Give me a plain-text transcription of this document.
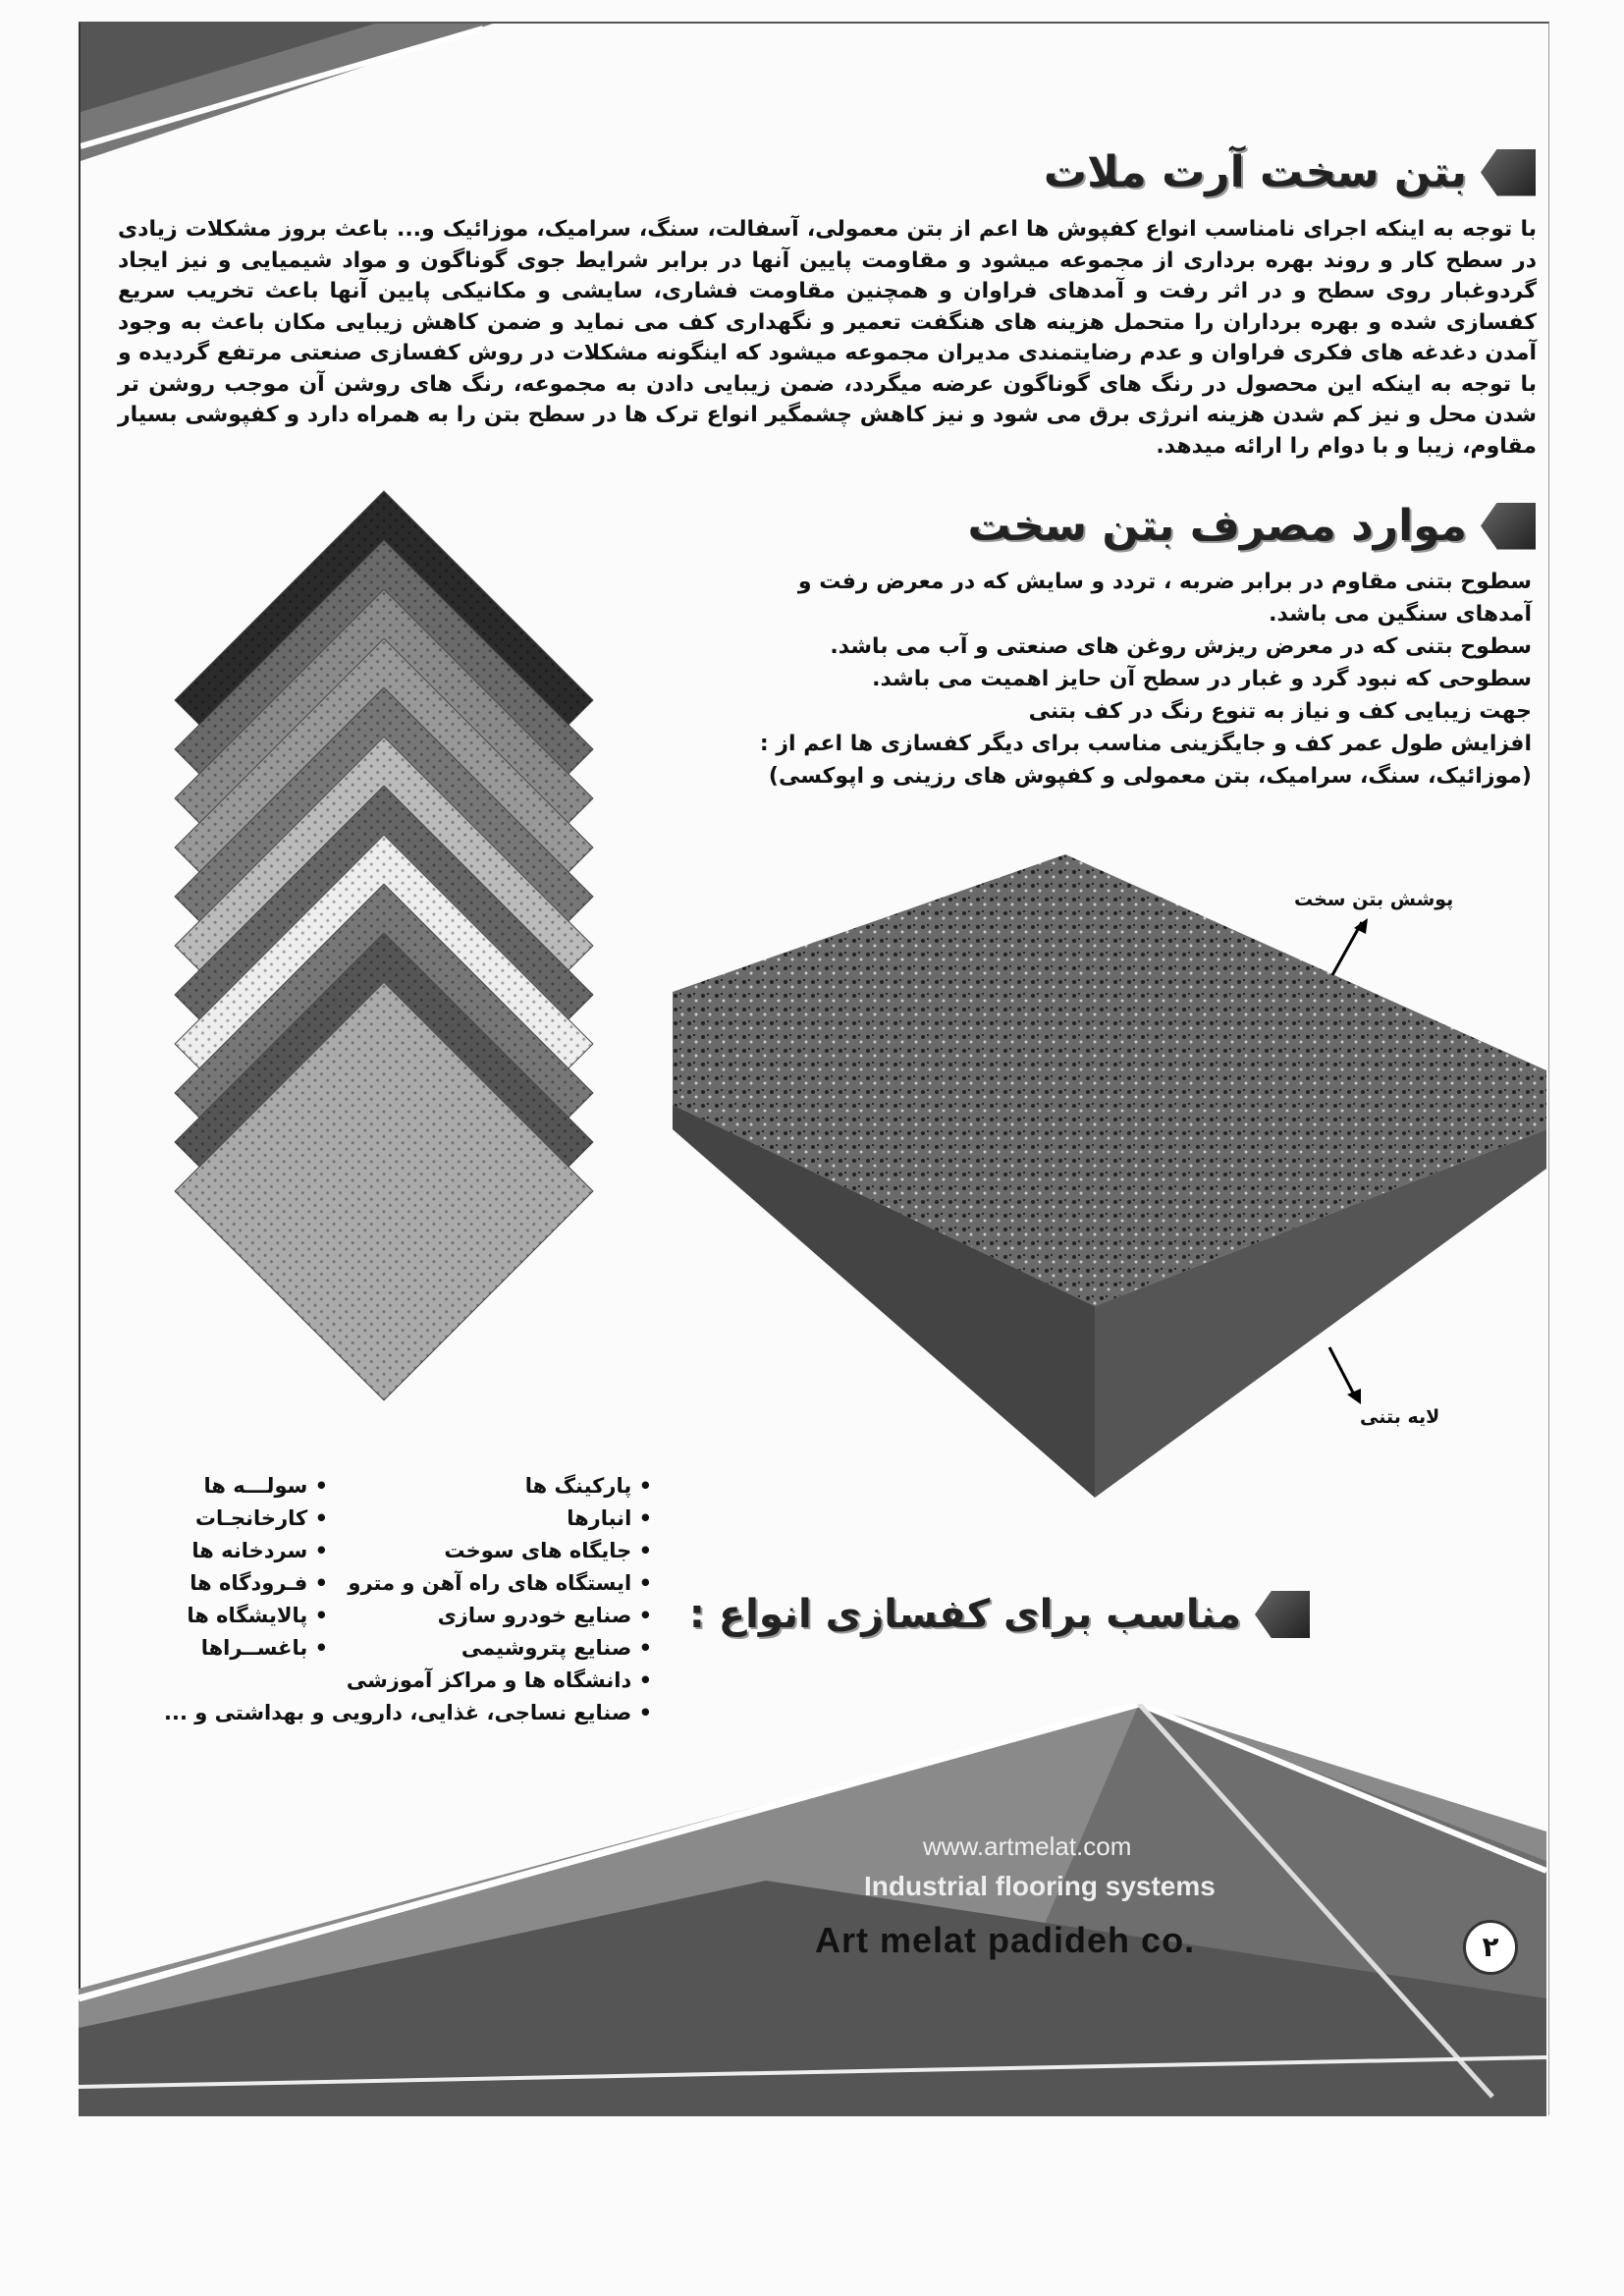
بتن سخت آرت ملات
با توجه به اینکه اجرای نامناسب انواع کفپوش ها اعم از بتن معمولی، آسفالت، سنگ، سرامیک، موزائیک و... باعث بروز مشکلات زیادی در سطح کار و روند بهره برداری از مجموعه میشود و مقاومت پایین آنها در برابر شرایط جوی گوناگون و مواد شیمیایی و نیز ایجاد گردوغبار روی سطح و در اثر رفت و آمدهای فراوان و همچنین مقاومت فشاری، سایشی و مکانیکی پایین آنها باعث تخریب سریع کفسازی شده و بهره برداران را متحمل هزینه های هنگفت تعمیر و نگهداری کف می نماید و ضمن کاهش زیبایی مکان باعث به وجود آمدن دغدغه های فکری فراوان و عدم رضایتمندی مدیران مجموعه میشود که اینگونه مشکلات در روش کفسازی صنعتی مرتفع گردیده و با توجه به اینکه این محصول در رنگ های گوناگون عرضه میگردد، ضمن زیبایی دادن به مجموعه، رنگ های روشن آن موجب روشن تر شدن محل و نیز کم شدن هزینه انرژی برق می شود و نیز کاهش چشمگیر انواع ترک ها در سطح بتن را به همراه دارد و کفپوشی بسیار مقاوم، زیبا و با دوام را ارائه میدهد.
موارد مصرف بتن سخت
سطوح بتنی مقاوم در برابر ضربه ، تردد و سایش که در معرض رفت و آمدهای سنگین می باشد.
سطوح بتنی که در معرض ریزش روغن های صنعتی و آب می باشد.
سطوحی که نبود گرد و غبار در سطح آن حایز اهمیت می باشد.
جهت زیبایی کف و نیاز به تنوع رنگ در کف بتنی
افزایش طول عمر کف و جایگزینی مناسب برای دیگر کفسازی ها اعم از :
(موزائیک، سنگ، سرامیک، بتن معمولی و کفپوش های رزینی و اپوکسی)
پوشش بتن سخت
لایه بتنی
مناسب برای کفسازی انواع :
• پارکینگ ها
• انبارها
• جایگاه های سوخت
• ایستگاه های راه آهن و مترو
• صنایع خودرو سازی
• صنایع پتروشیمی
• دانشگاه ها و مراکز آموزشی
• صنایع نساجی، غذایی، دارویی و بهداشتی و ...
• سولـــه ها
• کارخانجـات
• سردخانه ها
• فـرودگاه ها
• پالایشگاه ها
• باغســراها
www.artmelat.com
Industrial flooring systems
Art melat padideh co.	۲
